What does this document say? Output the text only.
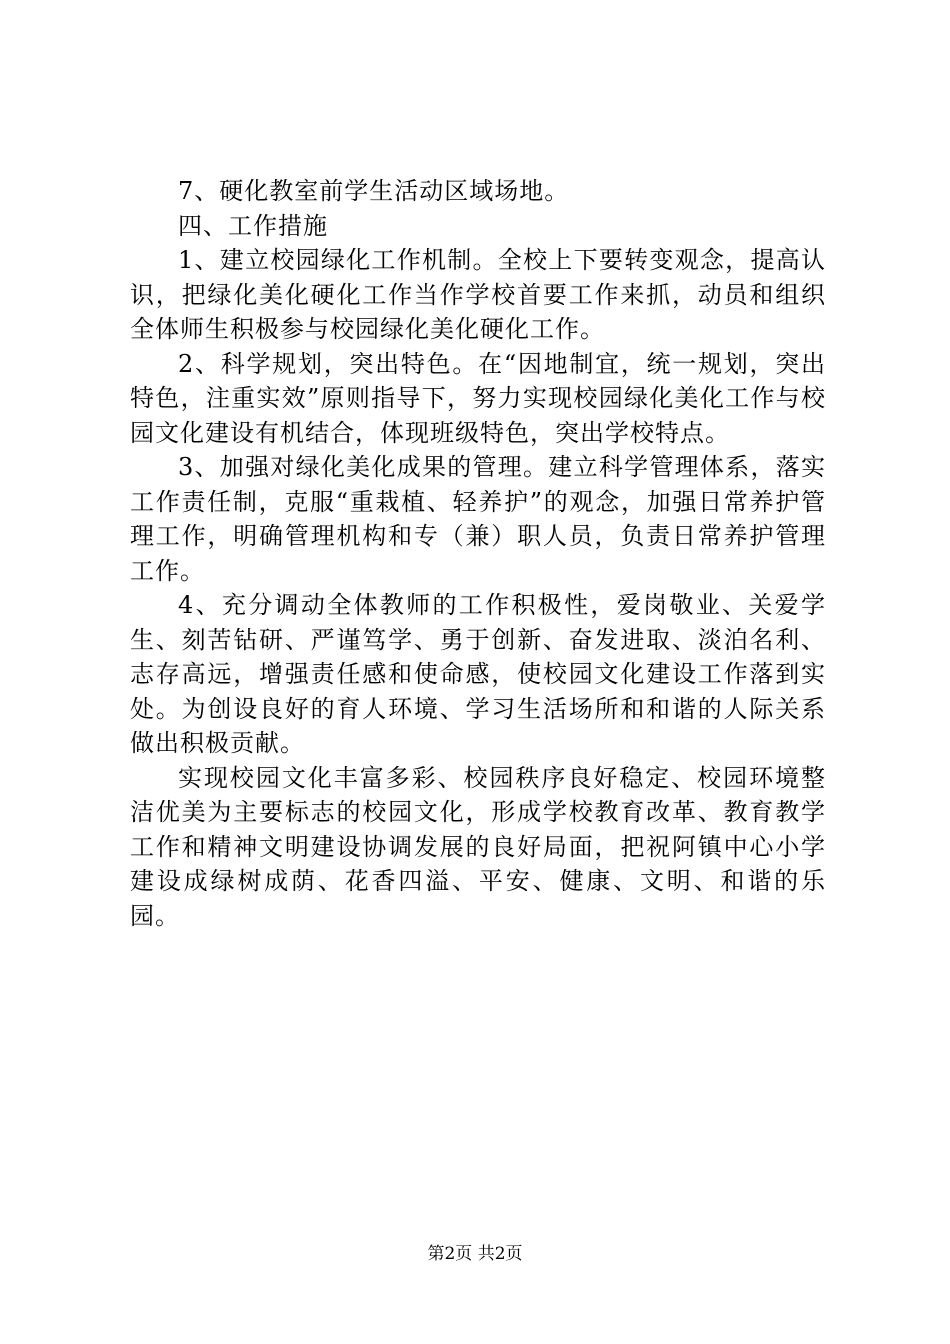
7、硬化教室前学生活动区域场地。

四、工作措施

1、建立校园绿化工作机制。全校上下要转变观念，提高认识，把绿化美化硬化工作当作学校首要工作来抓，动员和组织全体师生积极参与校园绿化美化硬化工作。

2、科学规划，突出特色。在“因地制宜，统一规划，突出特色，注重实效”原则指导下，努力实现校园绿化美化工作与校园文化建设有机结合，体现班级特色，突出学校特点。

3、加强对绿化美化成果的管理。建立科学管理体系，落实工作责任制，克服“重栽植、轻养护”的观念，加强日常养护管理工作，明确管理机构和专（兼）职人员，负责日常养护管理工作。

4、充分调动全体教师的工作积极性，爱岗敬业、关爱学生、刻苦钻研、严谨笃学、勇于创新、奋发进取、淡泊名利、志存高远，增强责任感和使命感，使校园文化建设工作落到实处。为创设良好的育人环境、学习生活场所和和谐的人际关系做出积极贡献。

实现校园文化丰富多彩、校园秩序良好稳定、校园环境整洁优美为主要标志的校园文化，形成学校教育改革、教育教学工作和精神文明建设协调发展的良好局面，把祝阿镇中心小学建设成绿树成荫、花香四溢、平安、健康、文明、和谐的乐园。

第2页 共2页
